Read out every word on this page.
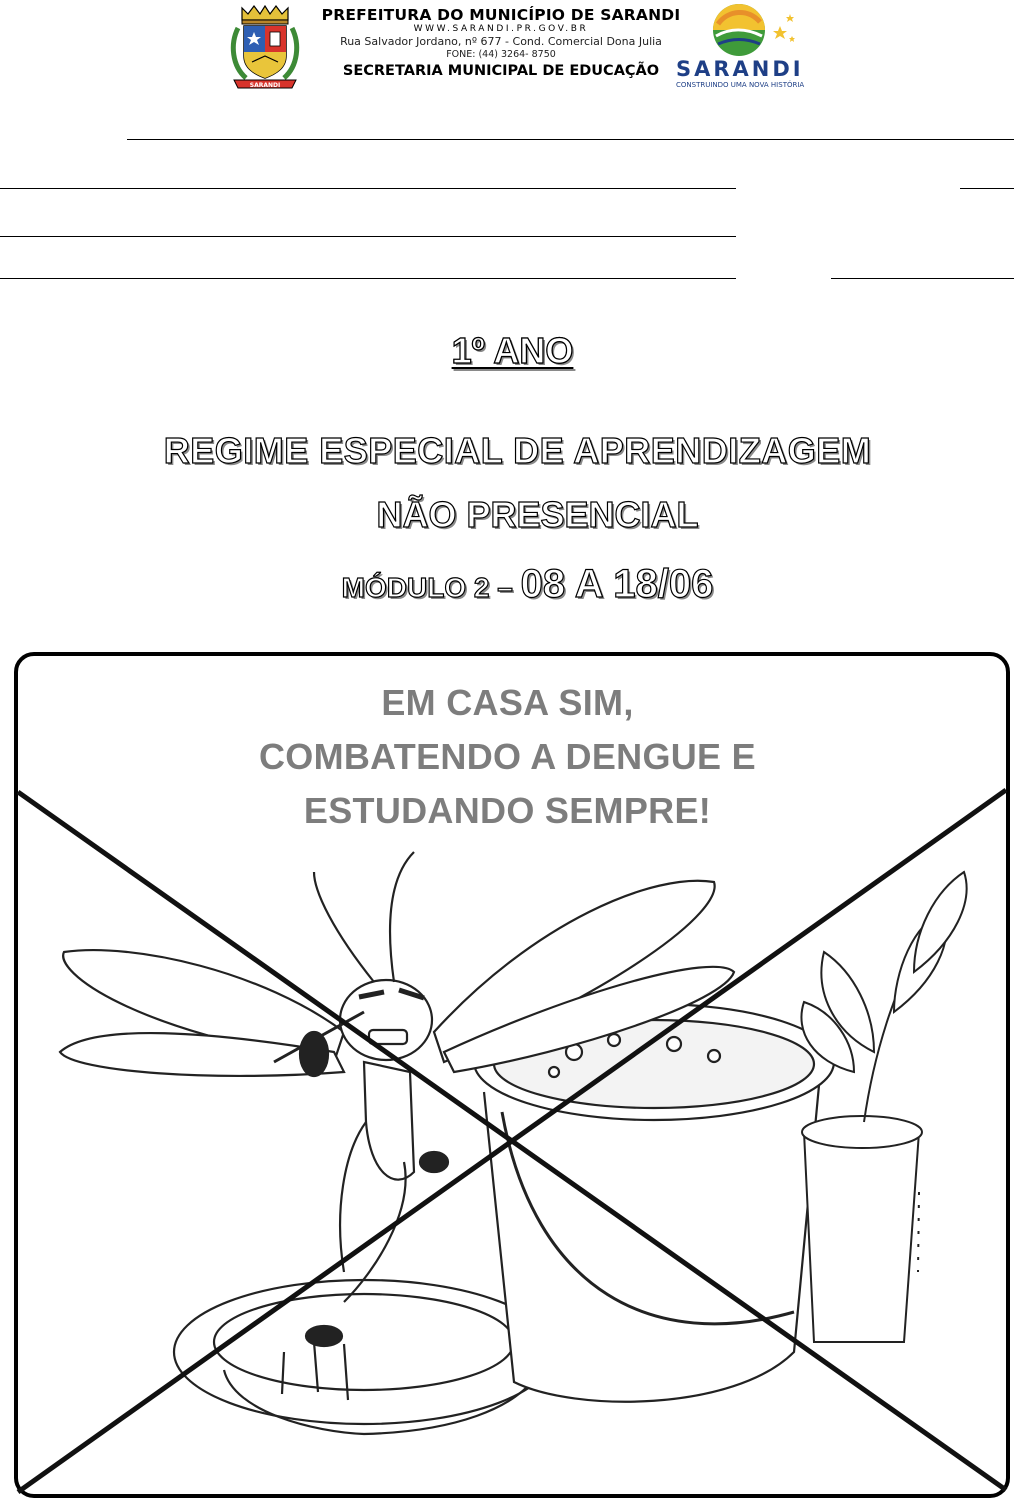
SARANDI
PREFEITURA DO MUNICÍPIO DE SARANDI
WWW.SARANDI.PR.GOV.BR
Rua Salvador Jordano, nº 677 - Cond. Comercial Dona Julia
FONE: (44) 3264- 8750
SECRETARIA MUNICIPAL DE EDUCAÇÃO SARANDI
CONSTRUINDO UMA NOVA HISTÓRIA
1º ANO
REGIME ESPECIAL DE APRENDIZAGEM
NÃO PRESENCIAL
MÓDULO 2 – 08 A 18/06
EM CASA SIM,
COMBATENDO A DENGUE E
ESTUDANDO SEMPRE!
